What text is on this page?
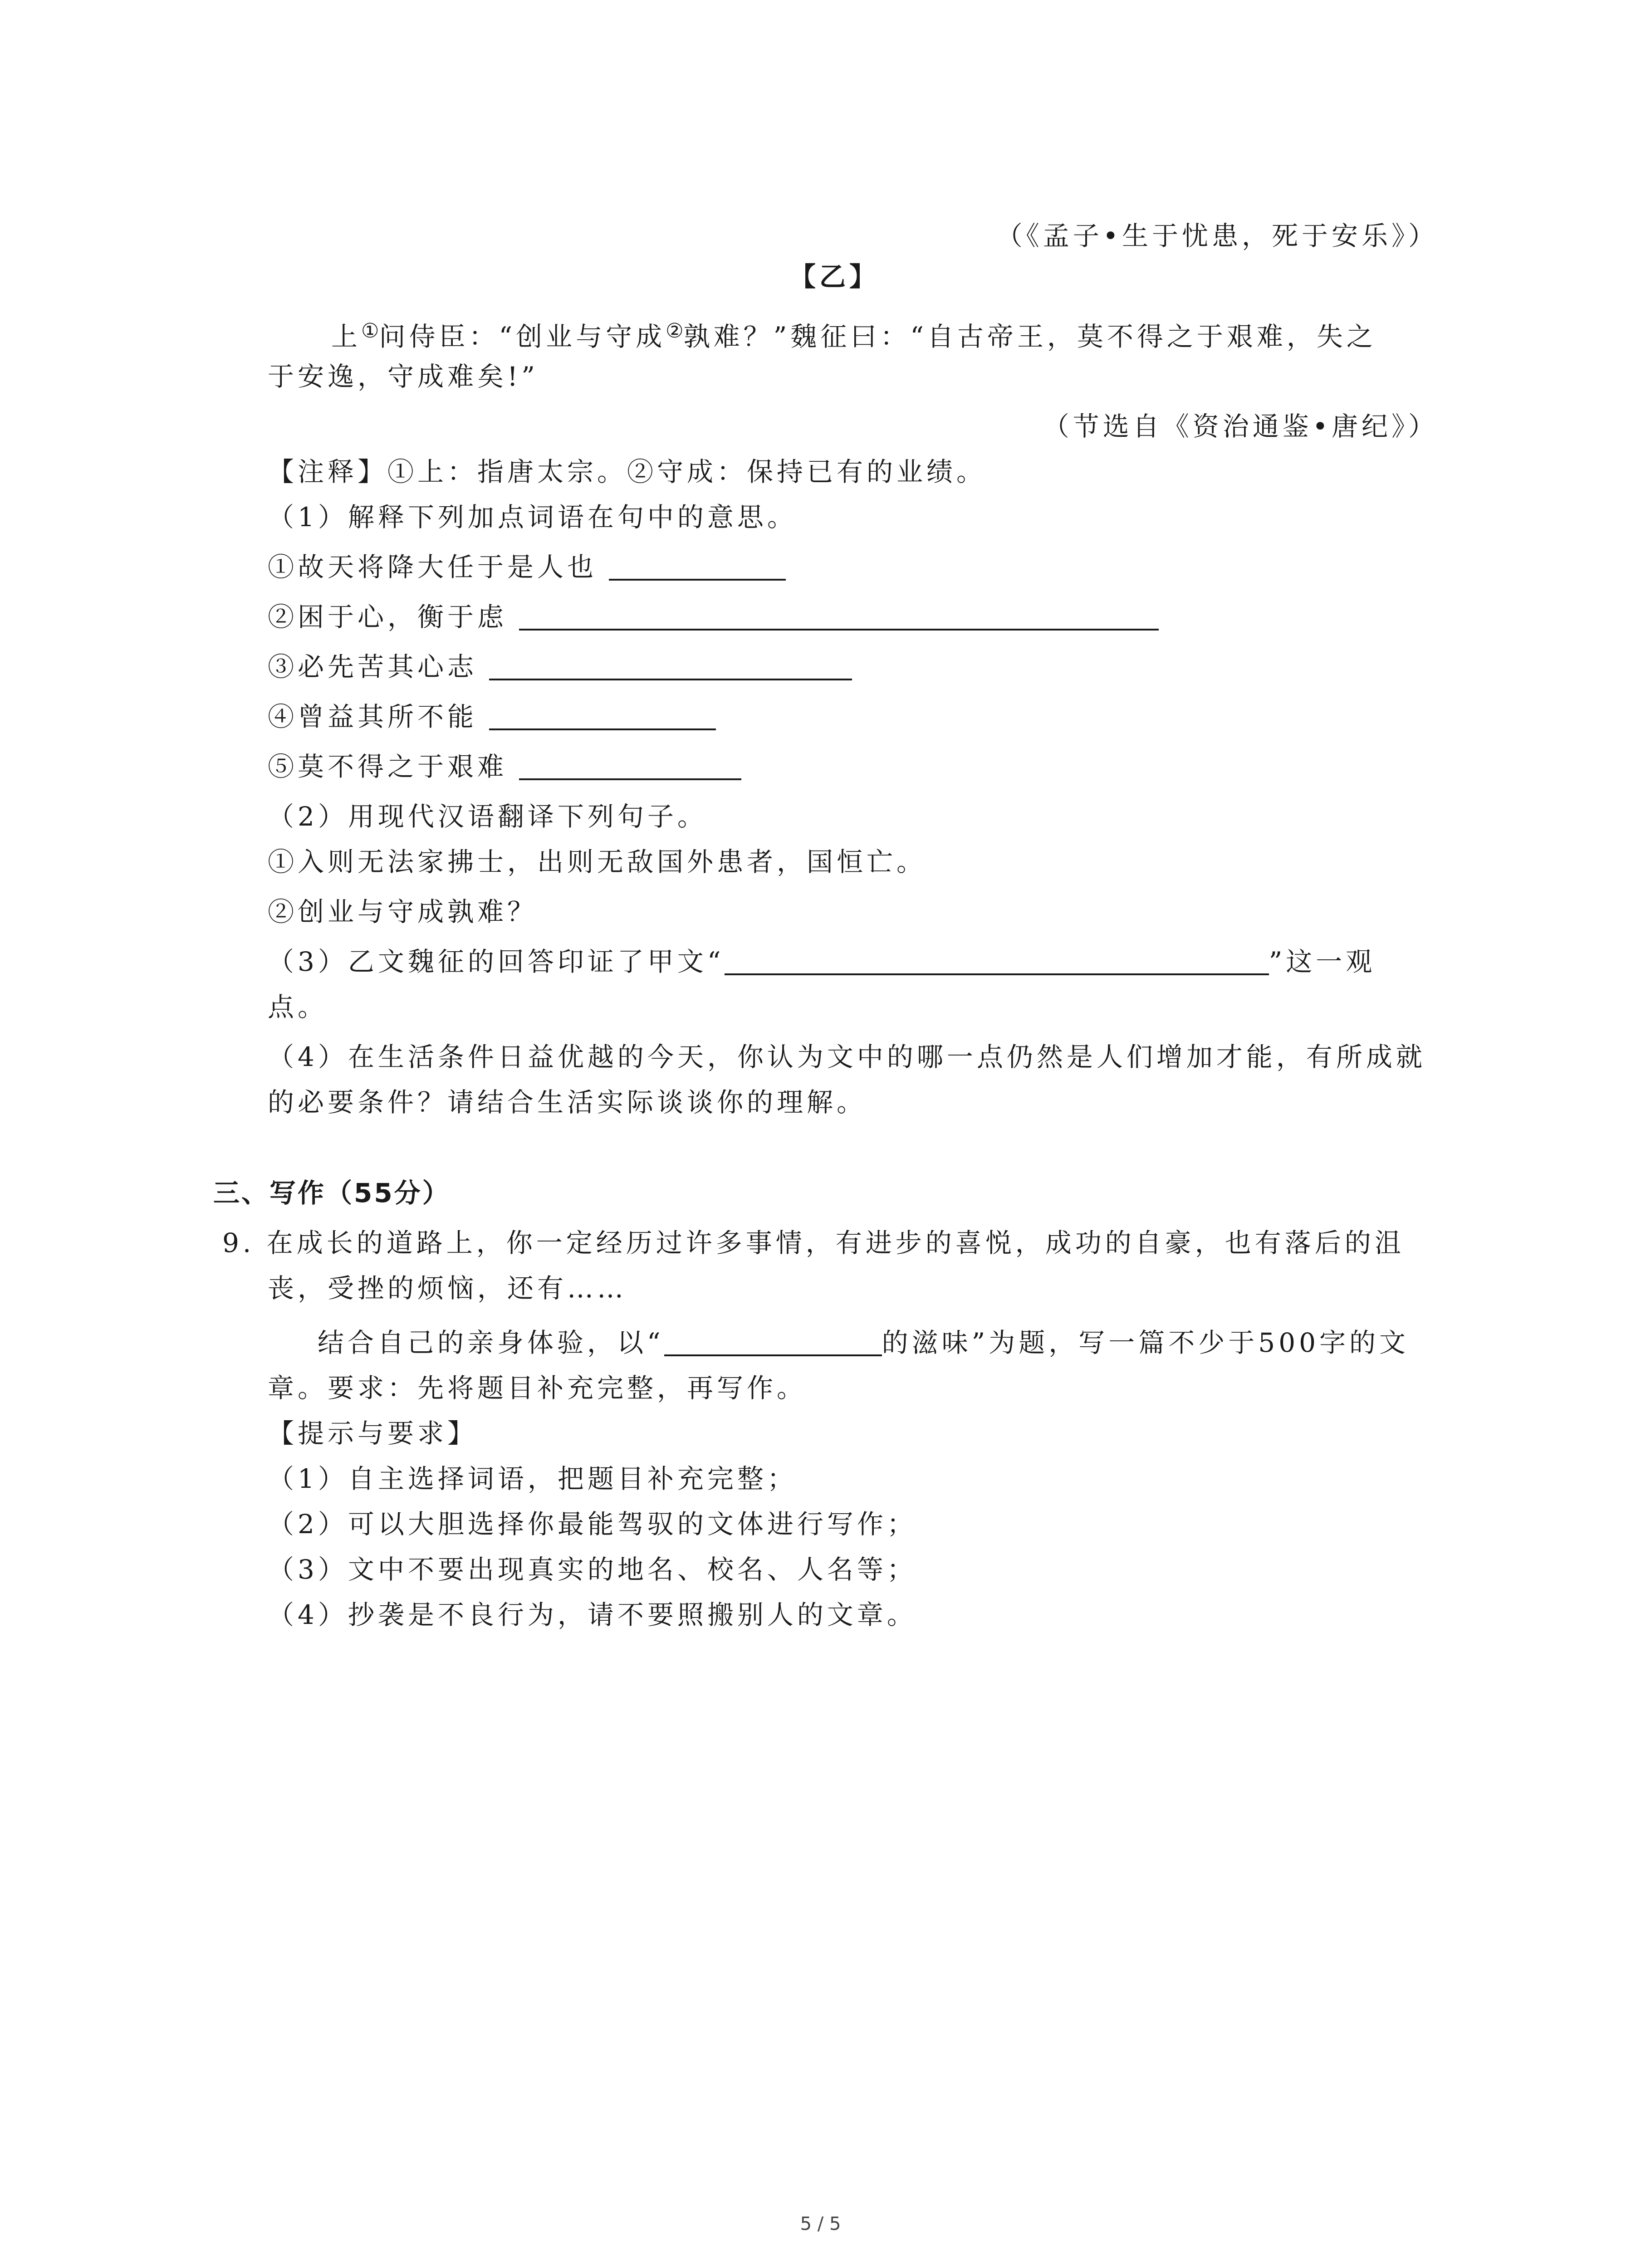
（《孟子•生于忧患，死于安乐》）
【乙】
上①问侍臣：“创业与守成②孰难？”魏征曰：“自古帝王，莫不得之于艰难，失之
于安逸，守成难矣!”
（节选自《资治通鉴•唐纪》）
【注释】①上：指唐太宗。②守成：保持已有的业绩。
（1）解释下列加点词语在句中的意思。
①故天将降大任于是人也
②困于心，衡于虑
③必先苦其心志
④曾益其所不能
⑤莫不得之于艰难
（2）用现代汉语翻译下列句子。
①入则无法家拂士，出则无敌国外患者，国恒亡。
②创业与守成孰难？
（3）乙文魏征的回答印证了甲文“	”这一观
点。
（4）在生活条件日益优越的今天，你认为文中的哪一点仍然是人们增加才能，有所成就
的必要条件？请结合生活实际谈谈你的理解。
三、写作（55分）
9. 在成长的道路上，你一定经历过许多事情，有进步的喜悦，成功的自豪，也有落后的沮
丧，受挫的烦恼，还有……
结合自己的亲身体验，以“	的滋味”为题，写一篇不少于500字的文
章。要求：先将题目补充完整，再写作。
【提示与要求】
（1）自主选择词语，把题目补充完整；
（2）可以大胆选择你最能驾驭的文体进行写作；
（3）文中不要出现真实的地名、校名、人名等；
（4）抄袭是不良行为，请不要照搬别人的文章。
5 / 5
